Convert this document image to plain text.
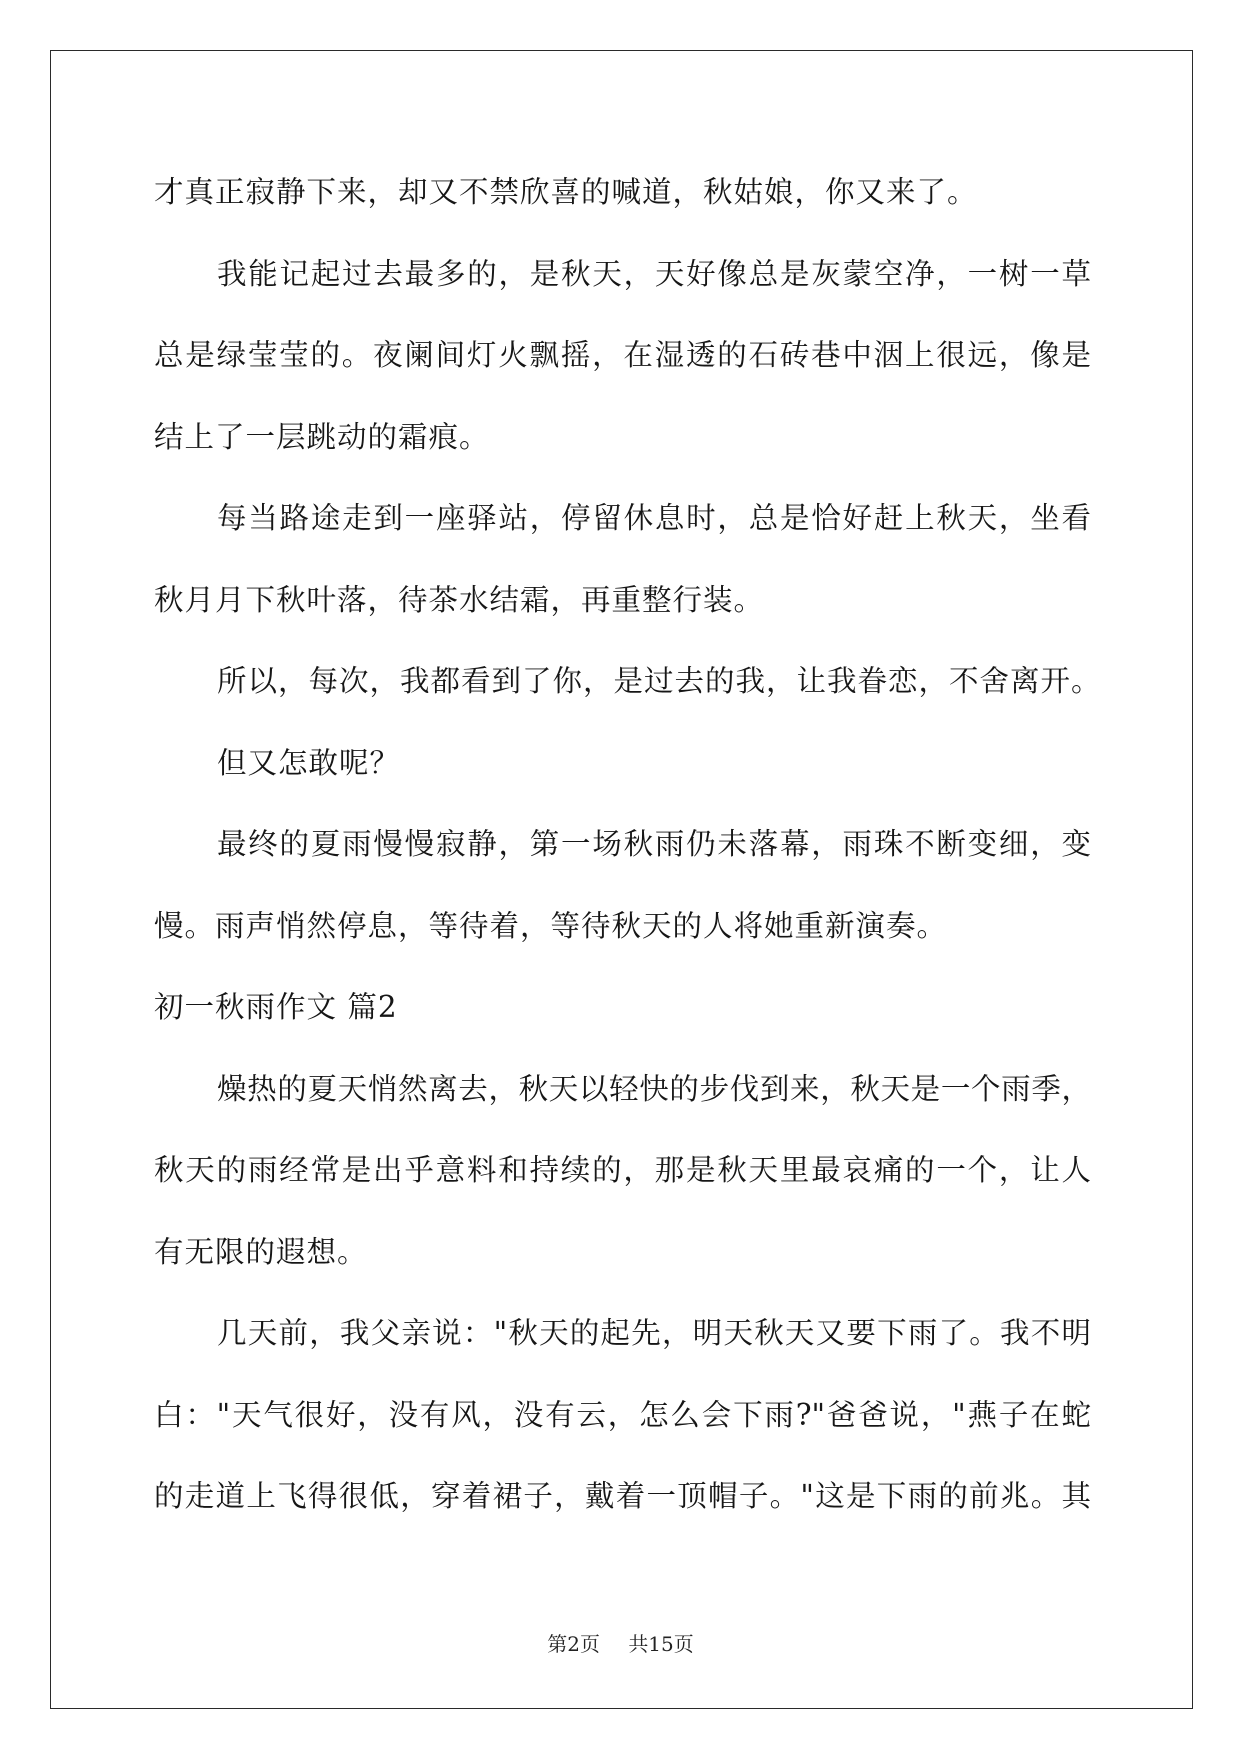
才真正寂静下来，却又不禁欣喜的喊道，秋姑娘，你又来了。

我能记起过去最多的，是秋天，天好像总是灰蒙空净，一树一草
总是绿莹莹的。夜阑间灯火飘摇，在湿透的石砖巷中洇上很远，像是
结上了一层跳动的霜痕。

每当路途走到一座驿站，停留休息时，总是恰好赶上秋天，坐看
秋月月下秋叶落，待茶水结霜，再重整行装。

所以，每次，我都看到了你，是过去的我，让我眷恋，不舍离开。

但又怎敢呢？

最终的夏雨慢慢寂静，第一场秋雨仍未落幕，雨珠不断变细，变
慢。雨声悄然停息，等待着，等待秋天的人将她重新演奏。

初一秋雨作文 篇2

燥热的夏天悄然离去，秋天以轻快的步伐到来，秋天是一个雨季，
秋天的雨经常是出乎意料和持续的，那是秋天里最哀痛的一个，让人
有无限的遐想。

几天前，我父亲说："秋天的起先，明天秋天又要下雨了。我不明
白："天气很好，没有风，没有云，怎么会下雨?"爸爸说，"燕子在蛇
的走道上飞得很低，穿着裙子，戴着一顶帽子。"这是下雨的前兆。其

第2页 共15页
